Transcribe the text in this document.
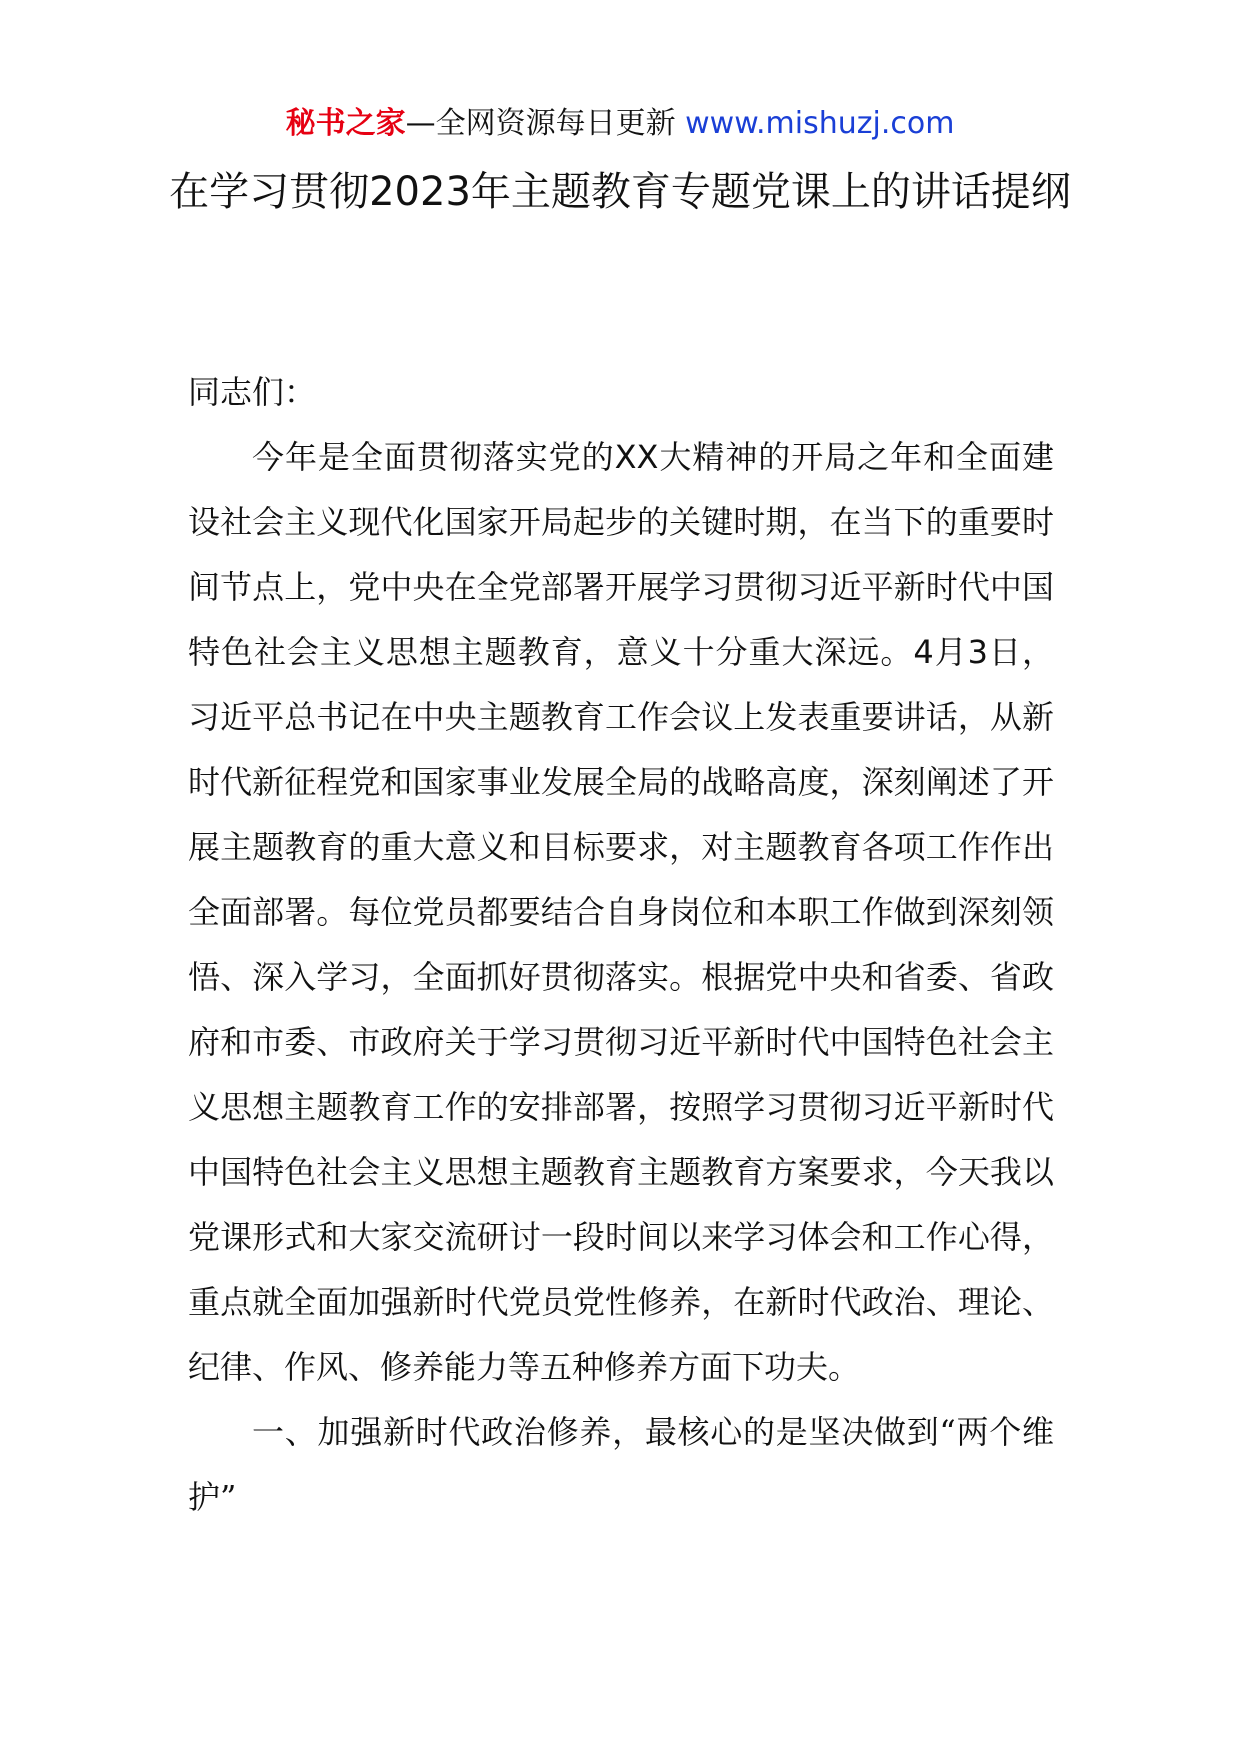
秘书之家—全网资源每日更新 www.mishuzj.com
在学习贯彻2023年主题教育专题党课上的讲话提纲

同志们：

今年是全面贯彻落实党的XX大精神的开局之年和全面建设社会主义现代化国家开局起步的关键时期，在当下的重要时间节点上，党中央在全党部署开展学习贯彻习近平新时代中国特色社会主义思想主题教育，意义十分重大深远。4月3日，习近平总书记在中央主题教育工作会议上发表重要讲话，从新时代新征程党和国家事业发展全局的战略高度，深刻阐述了开展主题教育的重大意义和目标要求，对主题教育各项工作作出全面部署。每位党员都要结合自身岗位和本职工作做到深刻领悟、深入学习，全面抓好贯彻落实。根据党中央和省委、省政府和市委、市政府关于学习贯彻习近平新时代中国特色社会主义思想主题教育工作的安排部署，按照学习贯彻习近平新时代中国特色社会主义思想主题教育主题教育方案要求，今天我以党课形式和大家交流研讨一段时间以来学习体会和工作心得，重点就全面加强新时代党员党性修养，在新时代政治、理论、纪律、作风、修养能力等五种修养方面下功夫。

一、加强新时代政治修养，最核心的是坚决做到“两个维护”
